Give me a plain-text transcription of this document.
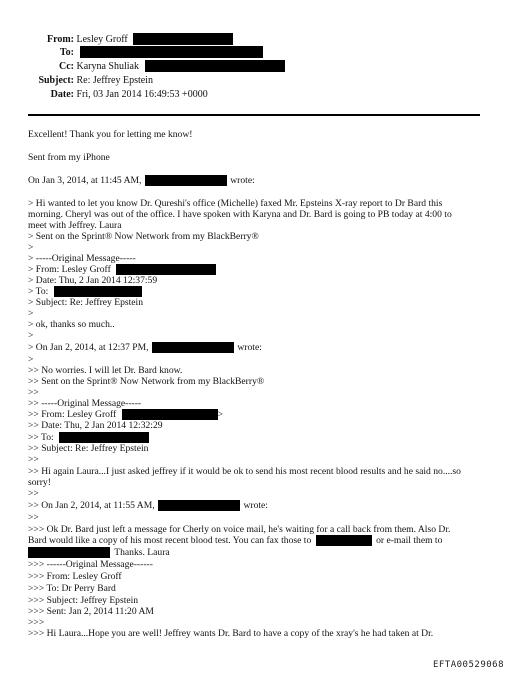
From: Lesley Groff
To:
Cc: Karyna Shuliak
Subject: Re: Jeffrey Epstein
Date: Fri, 03 Jan 2014 16:49:53 +0000
Excellent! Thank you for letting me know!
Sent from my iPhone
On Jan 3, 2014, at 11:45 AM,	wrote:
> Hi wanted to let you know Dr. Qureshi's office (Michelle) faxed Mr. Epsteins X-ray report to Dr Bard this
morning. Cheryl was out of the office. I have spoken with Karyna and Dr. Bard is going to PB today at 4:00 to
meet with Jeffrey. Laura
> Sent on the Sprint® Now Network from my BlackBerry®
>
> -----Original Message-----
> From: Lesley Groff
> Date: Thu, 2 Jan 2014 12:37:59
> To:
> Subject: Re: Jeffrey Epstein
>
> ok, thanks so much..
>
> On Jan 2, 2014, at 12:37 PM,	wrote:
>
>> No worries. I will let Dr. Bard know.
>> Sent on the Sprint® Now Network from my BlackBerry®
>>
>> -----Original Message-----
>> From: Lesley Groff	>
>> Date: Thu, 2 Jan 2014 12:32:29
>> To:
>> Subject: Re: Jeffrey Epstein
>>
>> Hi again Laura...I just asked jeffrey if it would be ok to send his most recent blood results and he said no....so
sorry!
>>
>> On Jan 2, 2014, at 11:55 AM,	wrote:
>>
>>> Ok Dr. Bard just left a message for Cherly on voice mail, he's waiting for a call back from them. Also Dr.
Bard would like a copy of his most recent blood test. You can fax those to	or e-mail them to
Thanks. Laura
>>> ------Original Message------
>>> From: Lesley Groff
>>> To: Dr Perry Bard
>>> Subject: Jeffrey Epstein
>>> Sent: Jan 2, 2014 11:20 AM
>>>
>>> Hi Laura...Hope you are well! Jeffrey wants Dr. Bard to have a copy of the xray's he had taken at Dr.
EFTA00529068
